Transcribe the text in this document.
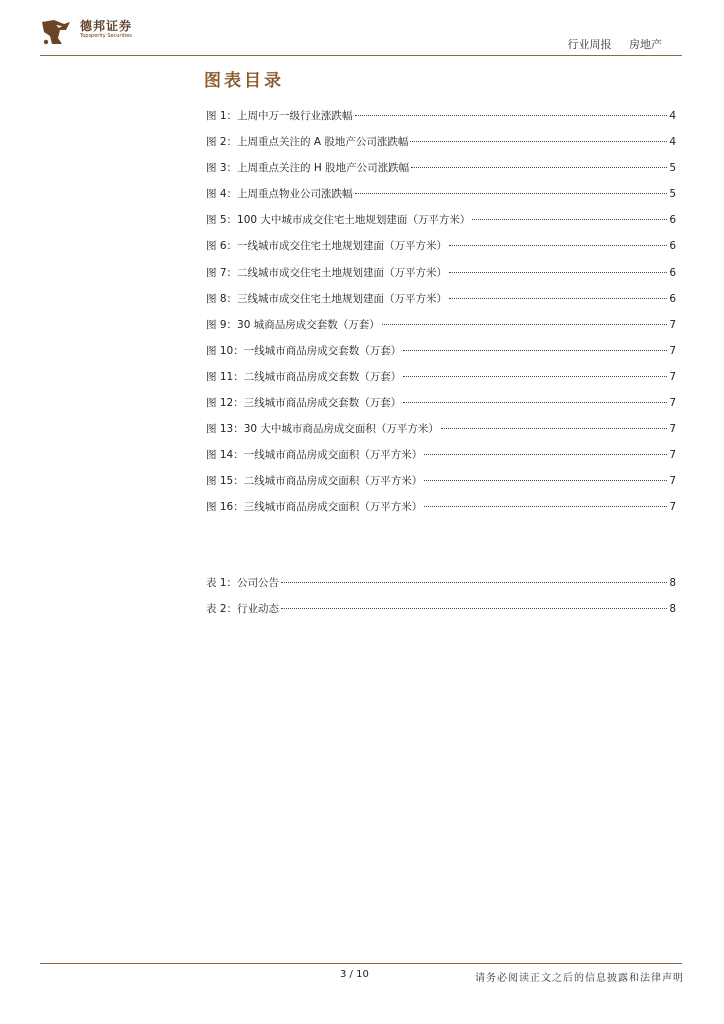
德邦证券
Topsperity Securities
行业周报 房地产
图表目录
图 1：上周中万一级行业涨跌幅	4
图 2：上周重点关注的 A 股地产公司涨跌幅	4
图 3：上周重点关注的 H 股地产公司涨跌幅	5
图 4：上周重点物业公司涨跌幅	5
图 5：100 大中城市成交住宅土地规划建面（万平方米）	6
图 6：一线城市成交住宅土地规划建面（万平方米）	6
图 7：二线城市成交住宅土地规划建面（万平方米）	6
图 8：三线城市成交住宅土地规划建面（万平方米）	6
图 9：30 城商品房成交套数（万套）	7
图 10：一线城市商品房成交套数（万套）	7
图 11：二线城市商品房成交套数（万套）	7
图 12：三线城市商品房成交套数（万套）	7
图 13：30 大中城市商品房成交面积（万平方米）	7
图 14：一线城市商品房成交面积（万平方米）	7
图 15：二线城市商品房成交面积（万平方米）	7
图 16：三线城市商品房成交面积（万平方米）	7
表 1：公司公告	8
表 2：行业动态	8
3 / 10	请务必阅读正文之后的信息披露和法律声明
